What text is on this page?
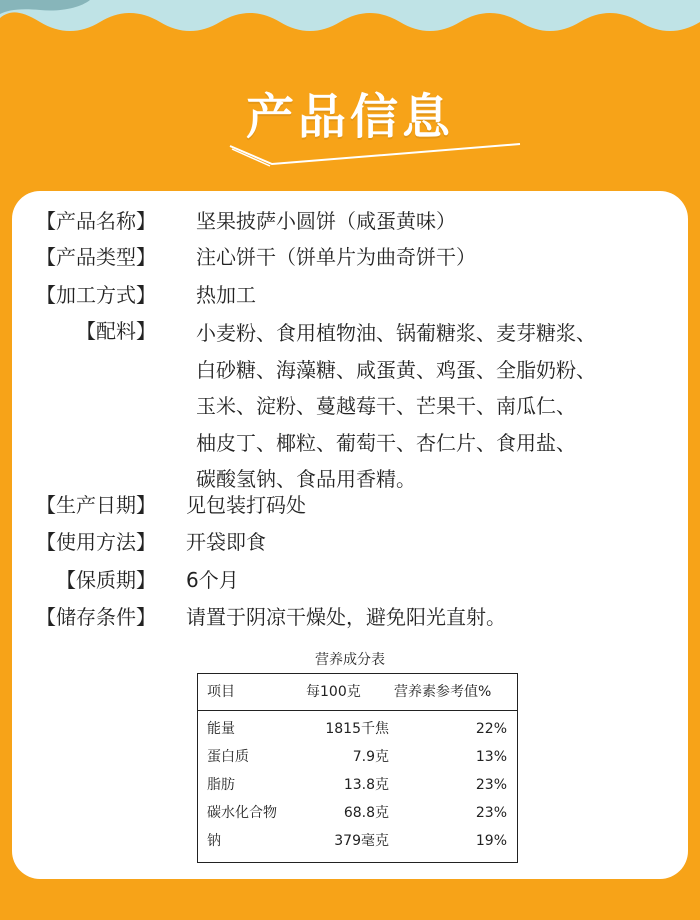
产品信息
【产品名称】 坚果披萨小圆饼（咸蛋黄味）
【产品类型】 注心饼干（饼单片为曲奇饼干）
【加工方式】 热加工
【配料】 小麦粉、食用植物油、锅葡糖浆、麦芽糖浆、
白砂糖、海藻糖、咸蛋黄、鸡蛋、全脂奶粉、
玉米、淀粉、蔓越莓干、芒果干、南瓜仁、
柚皮丁、椰粒、葡萄干、杏仁片、食用盐、
碳酸氢钠、食品用香精。
【生产日期】 见包装打码处
【使用方法】 开袋即食
【保质期】 6个月
【储存条件】 请置于阴凉干燥处，避免阳光直射。
营养成分表
项目	每100克 营养素参考值%
能量	1815千焦	22%
蛋白质	7.9克	13%
脂肪	13.8克	23%
碳水化合物	68.8克	23%
钠	379毫克	19%
